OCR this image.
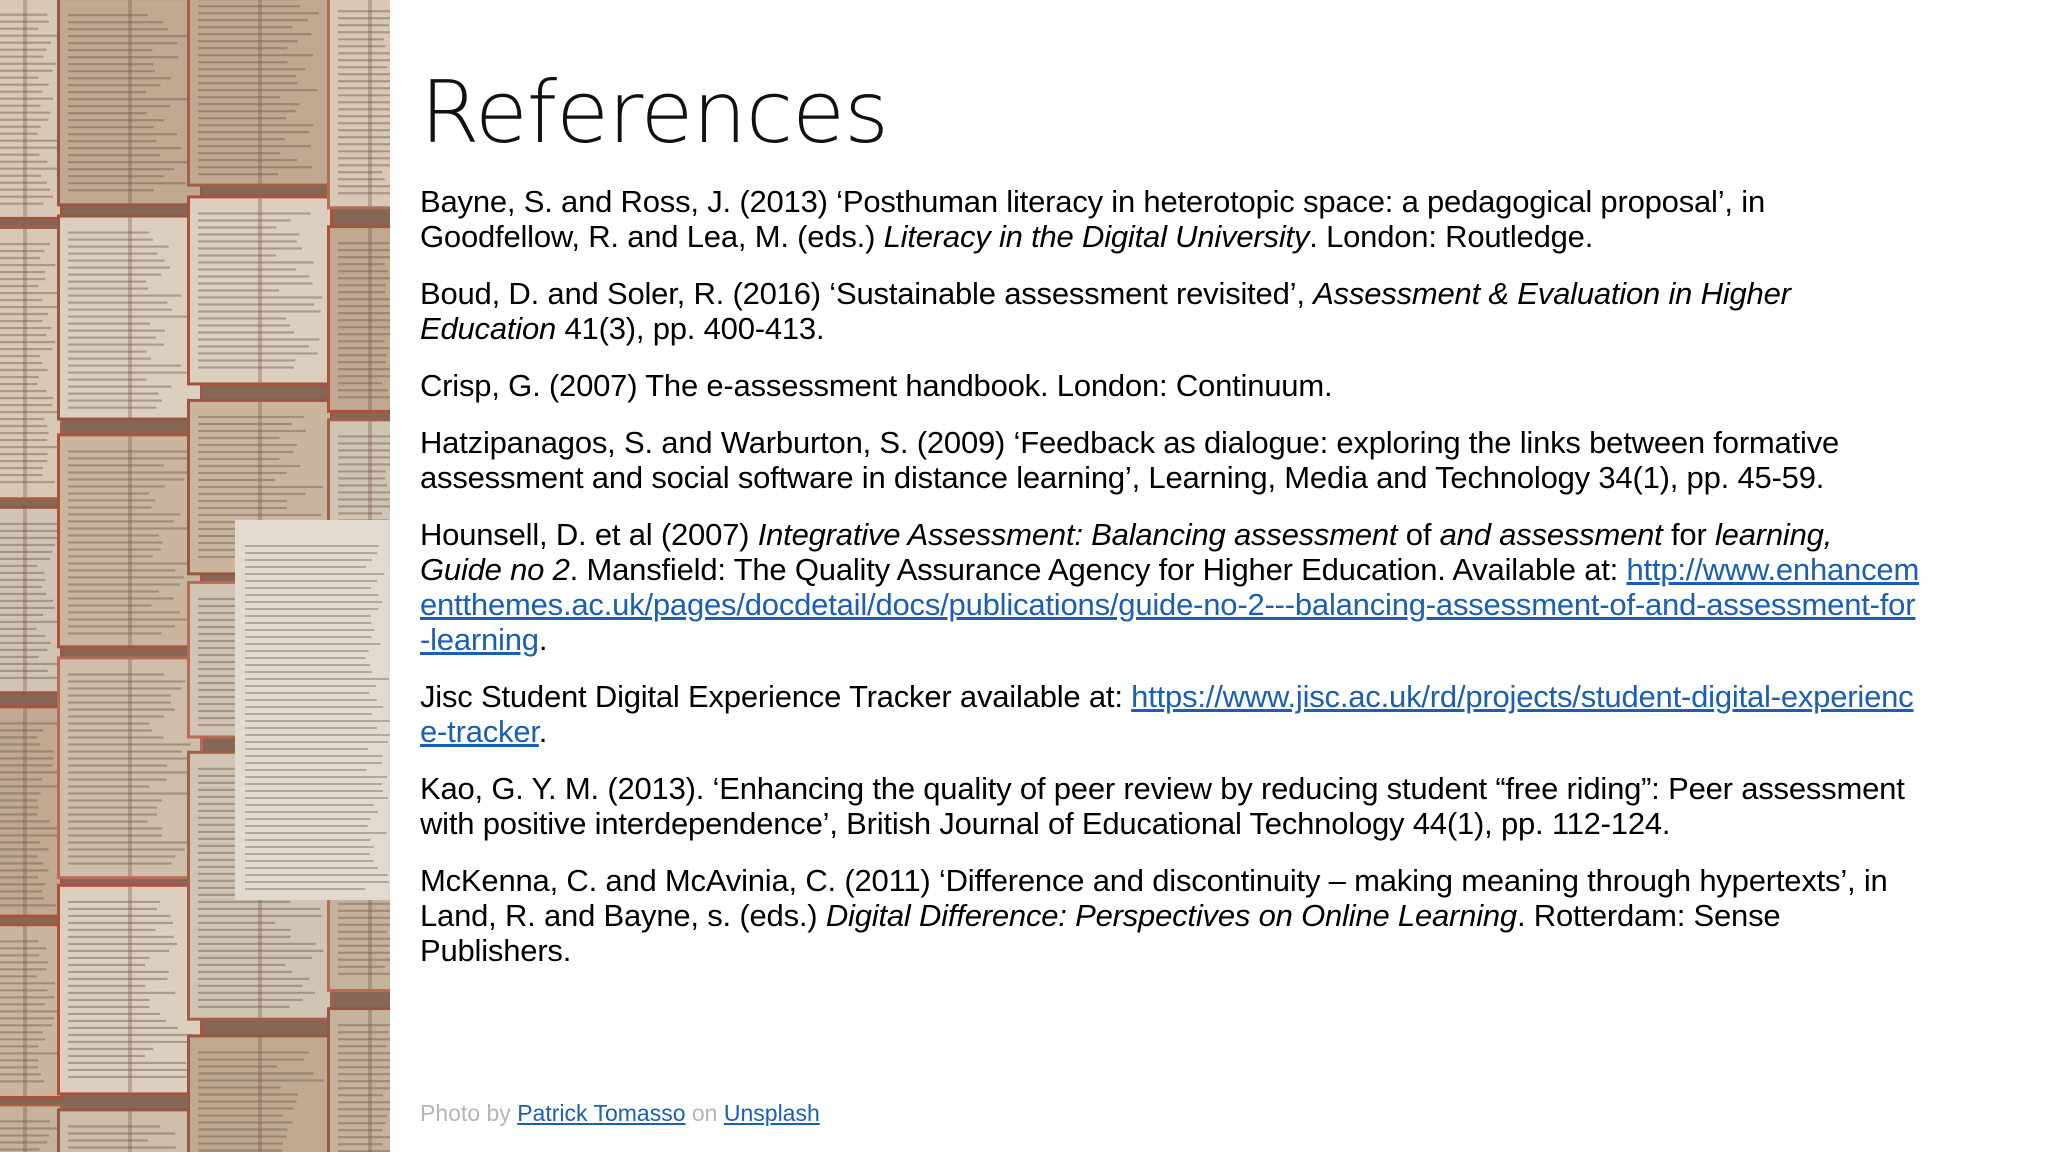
References

Bayne, S. and Ross, J. (2013) ‘Posthuman literacy in heterotopic space: a pedagogical proposal’, in Goodfellow, R. and Lea, M. (eds.) Literacy in the Digital University. London: Routledge.

Boud, D. and Soler, R. (2016) ‘Sustainable assessment revisited’, Assessment & Evaluation in Higher Education 41(3), pp. 400-413.

Crisp, G. (2007) The e-assessment handbook. London: Continuum.

Hatzipanagos, S. and Warburton, S. (2009) ‘Feedback as dialogue: exploring the links between formative assessment and social software in distance learning’, Learning, Media and Technology 34(1), pp. 45-59.

Hounsell, D. et al (2007) Integrative Assessment: Balancing assessment of and assessment for learning, Guide no 2. Mansfield: The Quality Assurance Agency for Higher Education. Available at: http://www.enhancementthemes.ac.uk/pages/docdetail/docs/publications/guide-no-2---balancing-assessment-of-and-assessment-for-learning.

Jisc Student Digital Experience Tracker available at: https://www.jisc.ac.uk/rd/projects/student-digital-experience-tracker.

Kao, G. Y. M. (2013). ‘Enhancing the quality of peer review by reducing student “free riding”: Peer assessment with positive interdependence’, British Journal of Educational Technology 44(1), pp. 112-124.

McKenna, C. and McAvinia, C. (2011) ‘Difference and discontinuity – making meaning through hypertexts’, in Land, R. and Bayne, s. (eds.) Digital Difference: Perspectives on Online Learning. Rotterdam: Sense Publishers.

Photo by Patrick Tomasso on Unsplash
